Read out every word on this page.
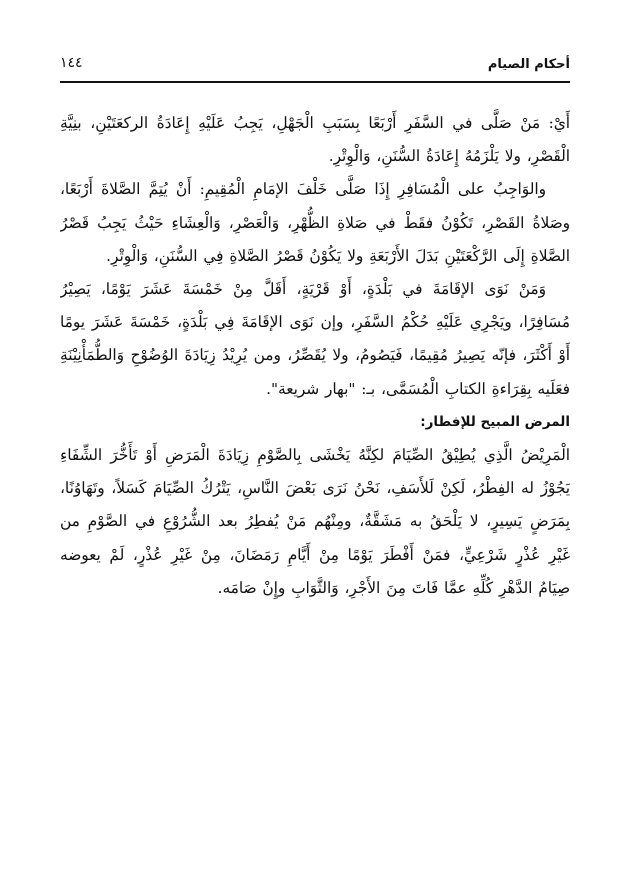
أحكام الصيام
١٤٤

أَيْ: مَنْ صَلَّى في السَّفَرِ أَرْبَعًا بِسَبَبِ الْجَهْلِ، يَجِبُ عَلَيْهِ إِعَادَةُ الركعَتَيْنِ، بنِيَّةِ الْقَصْرِ، ولا يَلْزَمُهُ إِعَادَةُ السُّنَنِ، وَالْوِتْرِ.

والوَاجِبُ على الْمُسَافِرِ إِذَا صَلَّى خَلْفَ الإمَامِ الْمُقِيمِ: أَنْ يُتِمَّ الصَّلاةَ أَرْبَعًا، وصَلاةُ القَصْرِ، تَكُوْنُ فقَطْ في صَلاةِ الظُّهْرِ، وَالْعَصْرِ، وَالْعِشَاءِ حَيْثُ يَجِبُ قَصْرُ الصَّلاةِ إِلَى الرَّكْعَتَيْنِ بَدَلَ الأَرْبَعَةِ ولا يَكُوْنُ قَصْرُ الصَّلاةِ فِي السُّنَنِ، وَالْوِتْرِ.

وَمَنْ نَوَى الإقَامَةَ في بَلْدَةٍ، أَوْ قَرْيَةٍ، أَقَلَّ مِنْ خَمْسَةَ عَشَرَ يَوْمًا، يَصِيْرُ مُسَافِرًا، ويَجْرِي عَلَيْهِ حُكْمُ السَّفَرِ، وإن نَوَى الإقَامَةَ فِي بَلْدَةٍ، خَمْسَةَ عَشَرَ يومًا أَوْ أَكْثَرَ، فإنّه يَصِيرُ مُقِيمًا، فَيَصُومُ، ولا يُقَصِّرُ، ومن يُرِيْدُ زِيَادَةَ الوُضُوْحِ وَالطُّمَأْنِيْنَةِ فعَلَيه بِقِرَاءةِ الكتابِ الْمُسَمَّى، بـ: "بهار شريعة".

المرض المبيح للإفطار:

الْمَرِيْضُ الَّذِي يُطِيْقُ الصِّيَامَ لكِنَّهُ يَخْشَى بِالصَّوْمِ زِيَادَةَ الْمَرَضِ أَوْ تَأَخُّرَ الشِّفَاءِ يَجُوْزُ له الفِطْرُ، لَكِنْ لَلأَسَفِ، نَحْنُ نَرَى بَعْضَ النَّاسِ، يَتْرُكُ الصِّيَامَ كَسَلاً، وتَهَاوُنًا، بِمَرَضٍ يَسِيرٍ، لا يَلْحَقُ به مَشَقَّةٌ، ومِنْهُم مَنْ يُفطِرُ بعد الشُّرُوْعِ في الصَّوْمِ من غَيْرِ عُذْرٍ شَرْعِيٍّ، فمَنْ أَفْطَرَ يَوْمًا مِنْ أَيَّامِ رَمَضَانَ، مِنْ غَيْرِ عُذْرٍ، لَمْ يعوضه صِيَامُ الدَّهْرِ كُلِّهِ عمَّا فَاتَ مِنَ الأَجْرِ، وَالثَّوَابِ وإِنْ صَامَه.
